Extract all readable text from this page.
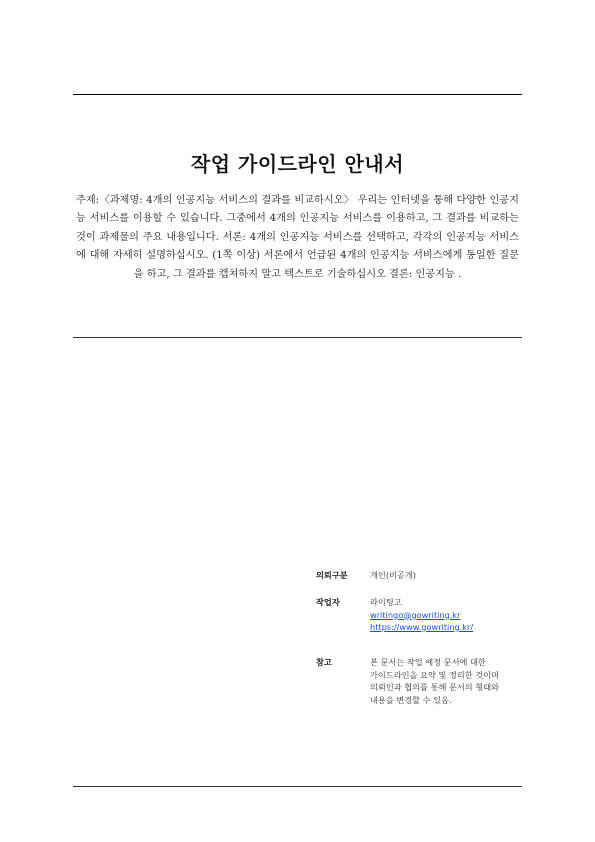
작업 가이드라인 안내서

주제:〈과제명: 4개의 인공지능 서비스의 결과를 비교하시오〉 우리는 인터넷을 통해 다양한 인공지능 서비스를 이용할 수 있습니다. 그중에서 4개의 인공지능 서비스를 이용하고, 그 결과를 비교하는 것이 과제물의 주요 내용입니다. 서론: 4개의 인공지능 서비스를 선택하고, 각각의 인공지능 서비스에 대해 자세히 설명하십시오. (1쪽 이상) 서론에서 언급된 4개의 인공지능 서비스에게 동일한 질문을 하고, 그 결과를 캡쳐하지 말고 텍스트로 기술하십시오 결론: 인공지능 .

의뢰구분	개인(비공개)
작업자	라이팅고
writingo@gowriting.kr
https://www.gowriting.kr/
참고	본 문서는 작업 예정 문서에 대한
가이드라인을 요약 및 정리한 것이며
의뢰인과 협의를 통해 문서의 형태와
내용을 변경할 수 있음.
